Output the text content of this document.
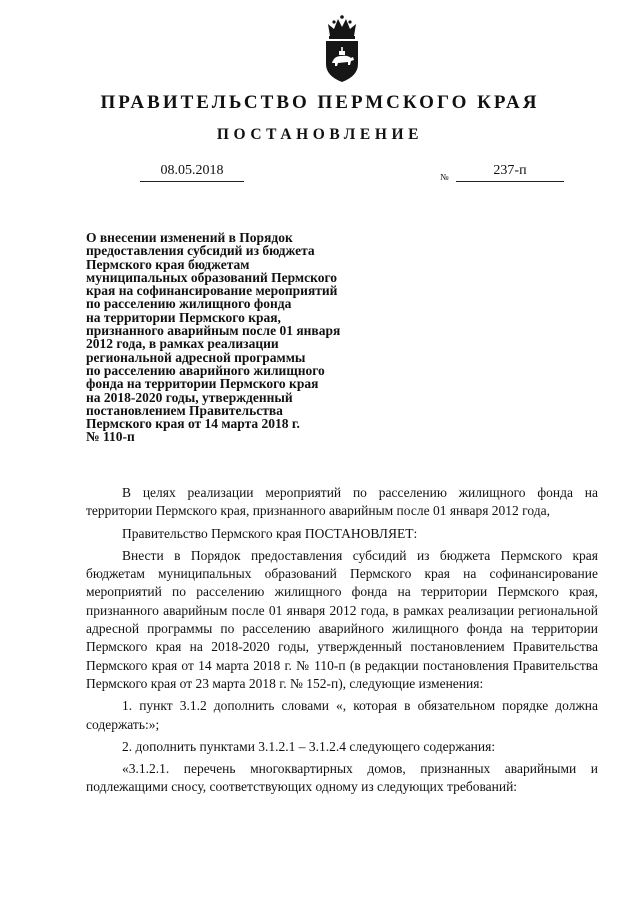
ПРАВИТЕЛЬСТВО ПЕРМСКОГО КРАЯ
ПОСТАНОВЛЕНИЕ
08.05.2018	№	237-п

О внесении изменений в Порядок
предоставления субсидий из бюджета
Пермского края бюджетам
муниципальных образований Пермского
края на софинансирование мероприятий
по расселению жилищного фонда
на территории Пермского края,
признанного аварийным после 01 января
2012 года, в рамках реализации
региональной адресной программы
по расселению аварийного жилищного
фонда на территории Пермского края
на 2018-2020 годы, утвержденный
постановлением Правительства
Пермского края от 14 марта 2018 г.
№ 110-п

В целях реализации мероприятий по расселению жилищного фонда на территории Пермского края, признанного аварийным после 01 января 2012 года,

Правительство Пермского края ПОСТАНОВЛЯЕТ:

Внести в Порядок предоставления субсидий из бюджета Пермского края бюджетам муниципальных образований Пермского края на софинансирование мероприятий по расселению жилищного фонда на территории Пермского края, признанного аварийным после 01 января 2012 года, в рамках реализации региональной адресной программы по расселению аварийного жилищного фонда на территории Пермского края на 2018-2020 годы, утвержденный постановлением Правительства Пермского края от 14 марта 2018 г. № 110-п (в редакции постановления Правительства Пермского края от 23 марта 2018 г. № 152-п), следующие изменения:

1. пункт 3.1.2 дополнить словами «, которая в обязательном порядке должна содержать:»;

2. дополнить пунктами 3.1.2.1 – 3.1.2.4 следующего содержания:

«3.1.2.1. перечень многоквартирных домов, признанных аварийными и подлежащими сносу, соответствующих одному из следующих требований:
